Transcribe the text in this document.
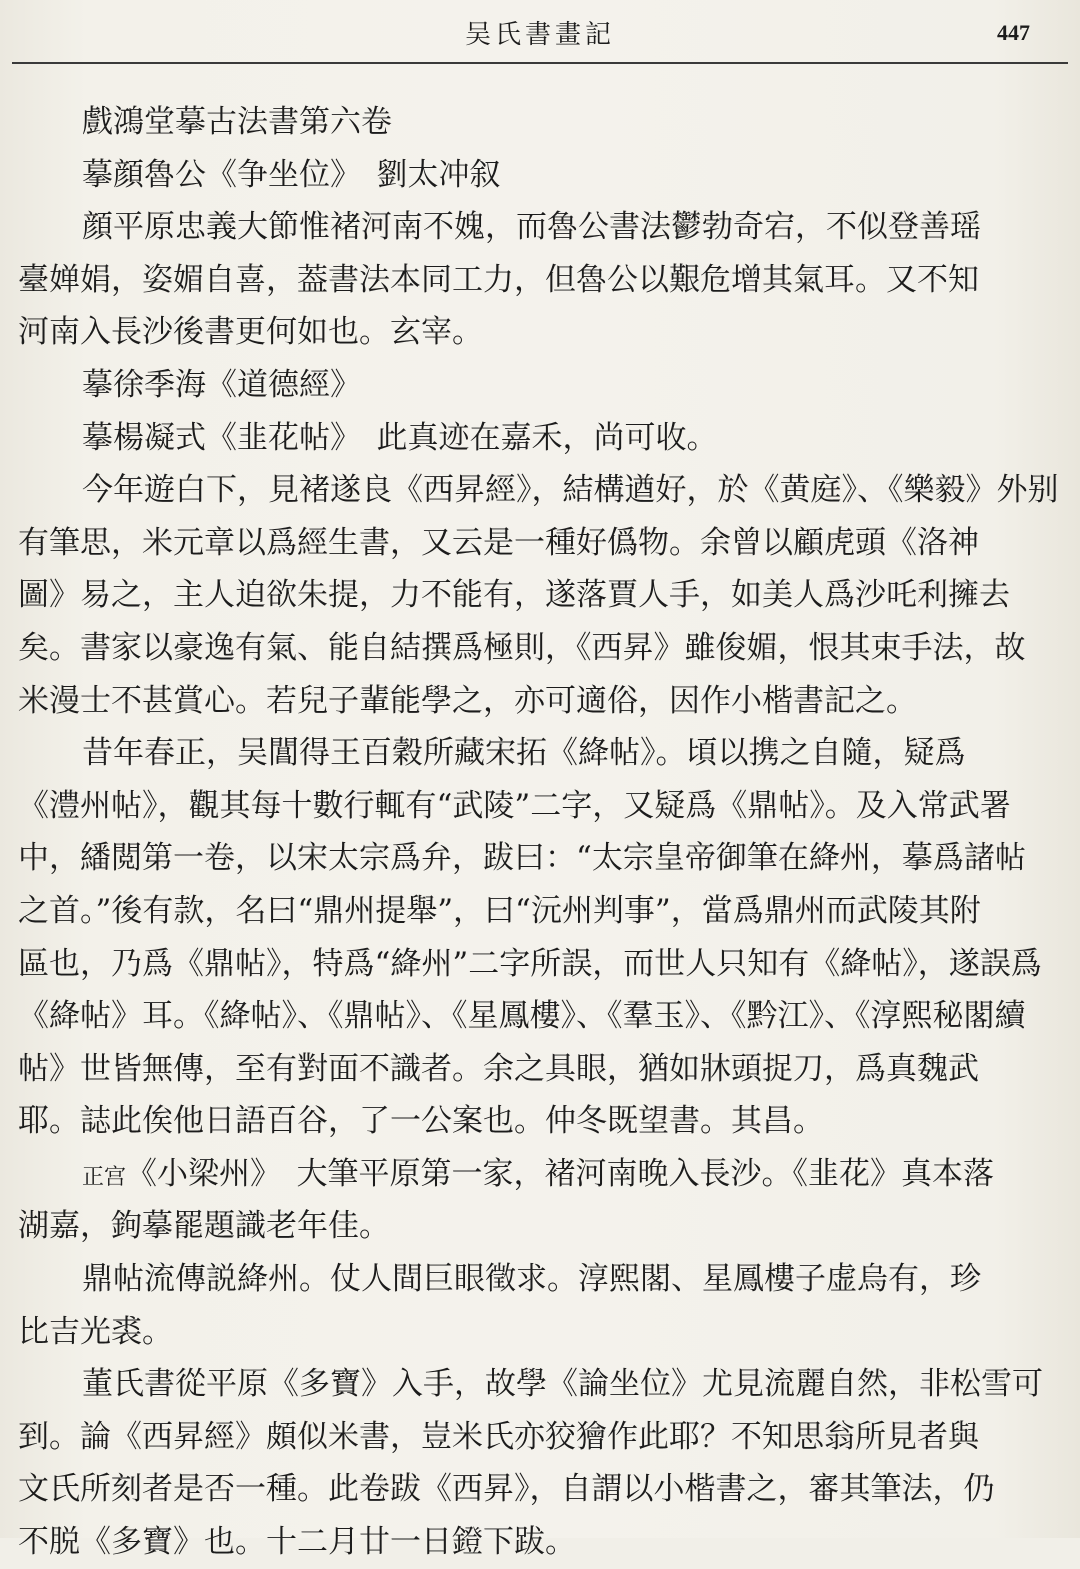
吴氏書畫記	447
戲鴻堂摹古法書第六卷
摹顔魯公《争坐位》　劉太冲叙
顔平原忠義大節惟褚河南不媿，而魯公書法鬱勃奇宕，不似登善瑶
臺婵娟，姿媚自喜，葢書法本同工力，但魯公以艱危增其氣耳。又不知
河南入長沙後書更何如也。玄宰。
摹徐季海《道德經》
摹楊凝式《韭花帖》　此真迹在嘉禾，尚可收。
今年遊白下，見褚遂良《西昇經》，結構遒好，於《黄庭》、《樂毅》外别
有筆思，米元章以爲經生書，又云是一種好僞物。余曾以顧虎頭《洛神
圖》易之，主人迫欲朱提，力不能有，遂落賈人手，如美人爲沙吒利擁去
矣。書家以豪逸有氣、能自結撰爲極則，《西昇》雖俊媚，恨其束手法，故
米漫士不甚賞心。若兒子輩能學之，亦可適俗，因作小楷書記之。
昔年春正，吴閶得王百穀所藏宋拓《絳帖》。頃以携之自隨，疑爲
《澧州帖》，觀其每十數行輒有“武陵”二字，又疑爲《鼎帖》。及入常武署
中，繙閲第一卷，以宋太宗爲弁，跋曰：“太宗皇帝御筆在絳州，摹爲諸帖
之首。”後有款，名曰“鼎州提舉”，曰“沅州判事”，當爲鼎州而武陵其附
區也，乃爲《鼎帖》，特爲“絳州”二字所誤，而世人只知有《絳帖》，遂誤爲
《絳帖》耳。《絳帖》、《鼎帖》、《星鳳樓》、《羣玉》、《黔江》、《淳熙秘閣續
帖》世皆無傳，至有對面不識者。余之具眼，猶如牀頭捉刀，爲真魏武
耶。誌此俟他日語百谷，了一公案也。仲冬既望書。其昌。
正宫《小梁州》　大筆平原第一家，褚河南晚入長沙。《韭花》真本落
湖嘉，鉤摹罷題識老年佳。
鼎帖流傳説絳州。仗人間巨眼徵求。淳熙閣、星鳳樓子虚烏有，珍
比吉光裘。
董氏書從平原《多寶》入手，故學《論坐位》尤見流麗自然，非松雪可
到。論《西昇經》頗似米書，豈米氏亦狡獪作此耶？不知思翁所見者與
文氏所刻者是否一種。此卷跋《西昇》，自謂以小楷書之，審其筆法，仍
不脱《多寶》也。十二月廿一日鐙下跋。
